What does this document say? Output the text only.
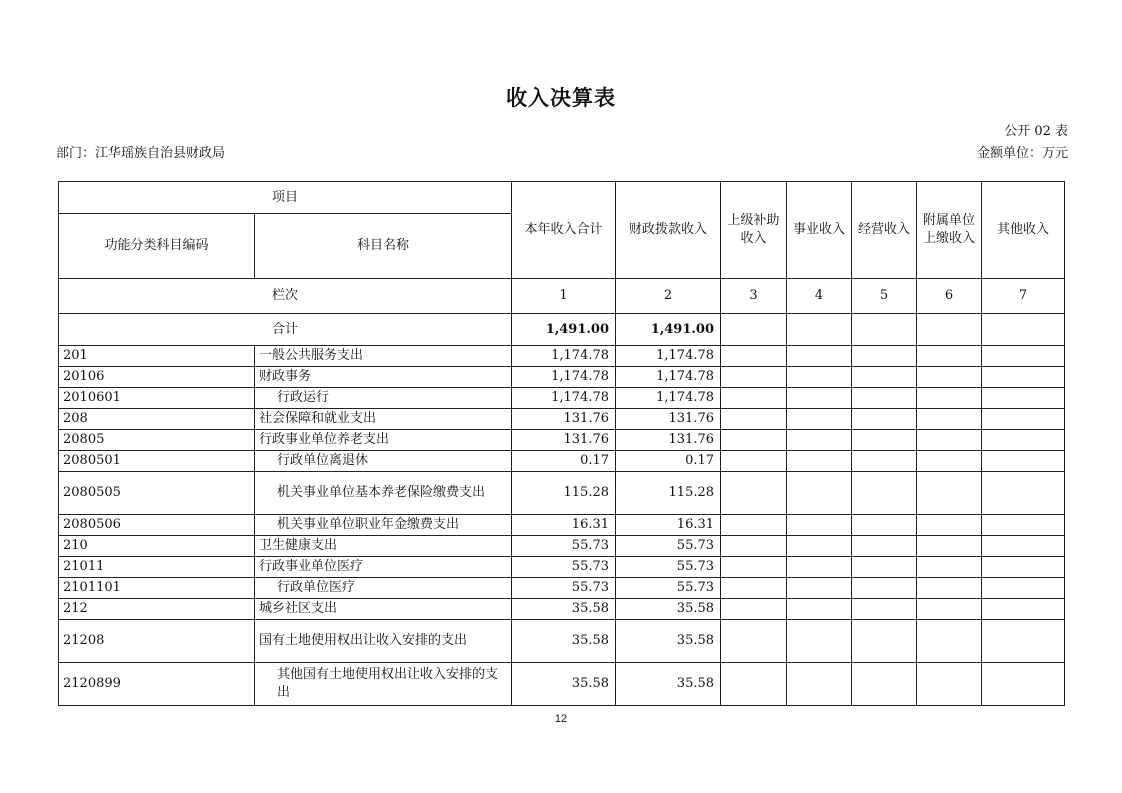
收入决算表
公开 02 表
部门：江华瑶族自治县财政局	金额单位：万元
项目		本年收入合计	财政拨款收入	上级补助收入	事业收入	经营收入	附属单位上缴收入	其他收入
功能分类科目编码	科目名称							
栏次		1	2	3	4	5	6	7
合计		1,491.00	1,491.00					
201	一般公共服务支出	1,174.78	1,174.78					
20106	财政事务	1,174.78	1,174.78					
2010601	行政运行	1,174.78	1,174.78					
208	社会保障和就业支出	131.76	131.76					
20805	行政事业单位养老支出	131.76	131.76					
2080501	行政单位离退休	0.17	0.17					
2080505	机关事业单位基本养老保险缴费支出	115.28	115.28					
2080506	机关事业单位职业年金缴费支出	16.31	16.31					
210	卫生健康支出	55.73	55.73					
21011	行政事业单位医疗	55.73	55.73					
2101101	行政单位医疗	55.73	55.73					
212	城乡社区支出	35.58	35.58					
21208	国有土地使用权出让收入安排的支出	35.58	35.58					
2120899	其他国有土地使用权出让收入安排的支出	35.58	35.58					
12
